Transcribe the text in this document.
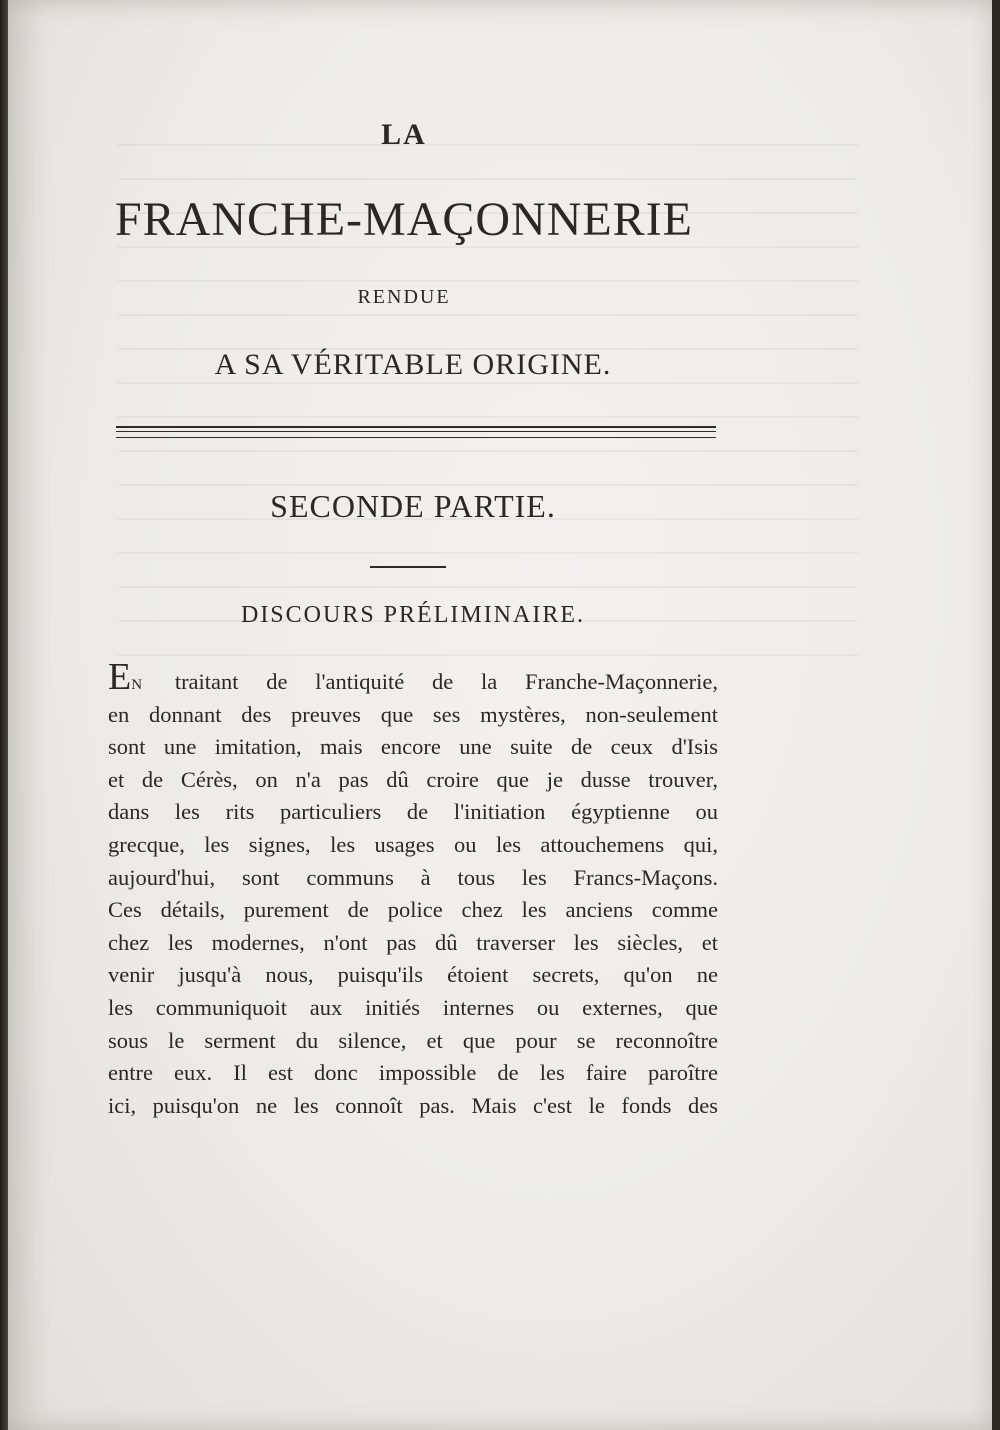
LA
FRANCHE-MAÇONNERIE
RENDUE
A SA VÉRITABLE ORIGINE.
SECONDE PARTIE.
DISCOURS PRÉLIMINAIRE.
EN traitant de l'antiquité de la Franche-Maçonnerie,
en donnant des preuves que ses mystères, non-seulement
sont une imitation, mais encore une suite de ceux d'Isis
et de Cérès, on n'a pas dû croire que je dusse trouver,
dans les rits particuliers de l'initiation égyptienne ou
grecque, les signes, les usages ou les attouchemens qui,
aujourd'hui, sont communs à tous les Francs-Maçons.
Ces détails, purement de police chez les anciens comme
chez les modernes, n'ont pas dû traverser les siècles, et
venir jusqu'à nous, puisqu'ils étoient secrets, qu'on ne
les communiquoit aux initiés internes ou externes, que
sous le serment du silence, et que pour se reconnoître
entre eux. Il est donc impossible de les faire paroître
ici, puisqu'on ne les connoît pas. Mais c'est le fonds des
